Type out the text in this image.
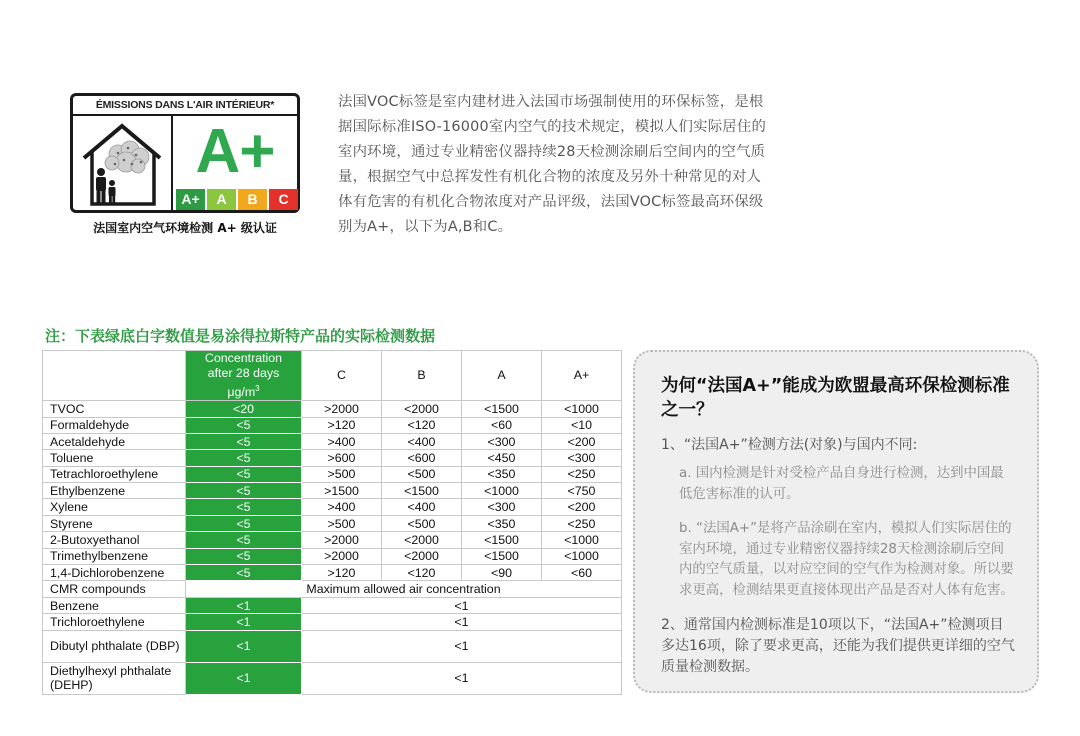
ÉMISSIONS DANS L'AIR INTÉRIEUR*
A+
A+	A	B	C
法国室内空气环境检测 A+ 级认证

法国VOC标签是室内建材进入法国市场强制使用的环保标签，是根据国际标准ISO-16000室内空气的技术规定，模拟人们实际居住的室内环境，通过专业精密仪器持续28天检测涂刷后空间内的空气质量，根据空气中总挥发性有机化合物的浓度及另外十种常见的对人体有危害的有机化合物浓度对产品评级，法国VOC标签最高环保级别为A+，以下为A,B和C。

注：下表绿底白字数值是易涂得拉斯特产品的实际检测数据
	Concentration
after 28 days
$\mu g/m^3$	C	B	A	A+
TVOC	<20	>2000	<2000	<1500	<1000
Formaldehyde	<5	>120	<120	<60	<10
Acetaldehyde	<5	>400	<400	<300	<200
Toluene	<5	>600	<600	<450	<300
Tetrachloroethylene	<5	>500	<500	<350	<250
Ethylbenzene	<5	>1500	<1500	<1000	<750
Xylene	<5	>400	<400	<300	<200
Styrene	<5	>500	<500	<350	<250
2-Butoxyethanol	<5	>2000	<2000	<1500	<1000
Trimethylbenzene	<5	>2000	<2000	<1500	<1000
1,4-Dichlorobenzene	<5	>120	<120	<90	<60
CMR compounds	Maximum allowed air concentration				
Benzene	<1	<1			
Trichloroethylene	<1	<1			
Dibutyl phthalate (DBP)	<1	<1			
Diethylhexyl phthalate (DEHP)	<1	<1			
为何“法国A+”能成为欧盟最高环保检测标准之一？

1、“法国A+”检测方法(对象)与国内不同:

a. 国内检测是针对受检产品自身进行检测，达到中国最低危害标准的认可。

b. “法国A+”是将产品涂刷在室内，模拟人们实际居住的室内环境，通过专业精密仪器持续28天检测涂刷后空间内的空气质量，以对应空间的空气作为检测对象。所以要求更高，检测结果更直接体现出产品是否对人体有危害。

2、通常国内检测标准是10项以下，“法国A+”检测项目多达16项，除了要求更高，还能为我们提供更详细的空气质量检测数据。
